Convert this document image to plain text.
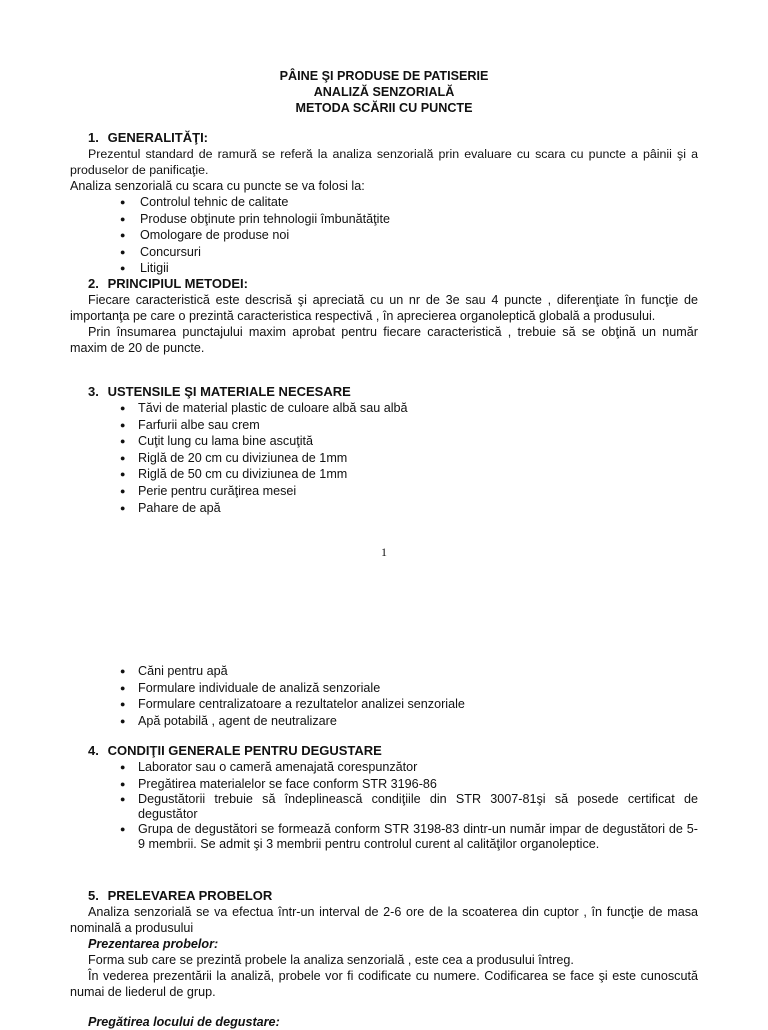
PÂINE ŞI PRODUSE DE PATISERIE
ANALIZĂ SENZORIALĂ
METODA SCĂRII CU PUNCTE
1. GENERALITĂŢI:
Prezentul standard de ramură se referă la analiza senzorială prin evaluare cu scara cu puncte a pâinii şi a produselor de panificaţie.
Analiza senzorială cu scara cu puncte se va folosi la:
● Controlul tehnic de calitate
● Produse obţinute prin tehnologii îmbunătăţite
● Omologare de produse noi
● Concursuri
● Litigii
2. PRINCIPIUL METODEI:
Fiecare caracteristică este descrisă şi apreciată cu un nr de 3e sau 4 puncte , diferenţiate în funcţie de importanţa pe care o prezintă caracteristica respectivă , în aprecierea organoleptică globală a produsului.
Prin însumarea punctajului maxim aprobat pentru fiecare caracteristică , trebuie să se obţină un număr maxim de 20 de puncte.
3. USTENSILE ŞI MATERIALE NECESARE
● Tăvi de material plastic de culoare albă sau albă
● Farfurii albe sau crem
● Cuţit lung cu lama bine ascuţită
● Riglă de 20 cm cu diviziunea de 1mm
● Riglă de 50 cm cu diviziunea de 1mm
● Perie pentru curăţirea mesei
● Pahare de apă
1
● Căni pentru apă
● Formulare individuale de analiză senzoriale
● Formulare centralizatoare a rezultatelor analizei senzoriale
● Apă potabilă , agent de neutralizare
4. CONDIŢII GENERALE PENTRU DEGUSTARE
● Laborator sau o cameră amenajată corespunzător
● Pregătirea materialelor se face conform STR 3196-86
● Degustătorii trebuie să îndeplinească condiţiile din STR 3007-81şi să posede certificat de degustător
● Grupa de degustători se formează conform STR 3198-83 dintr-un număr impar de degustători de 5-9 membrii. Se admit şi 3 membrii pentru controlul curent al calităţilor organoleptice.
5. PRELEVAREA PROBELOR
Analiza senzorială se va efectua într-un interval de 2-6 ore de la scoaterea din cuptor , în funcţie de masa nominală a produsului
Prezentarea probelor:
Forma sub care se prezintă probele la analiza senzorială , este cea a produsului întreg.
În vederea prezentării la analiză, probele vor fi codificate cu numere. Codificarea se face şi este cunoscută numai de liederul de grup.
Pregătirea locului de degustare:
